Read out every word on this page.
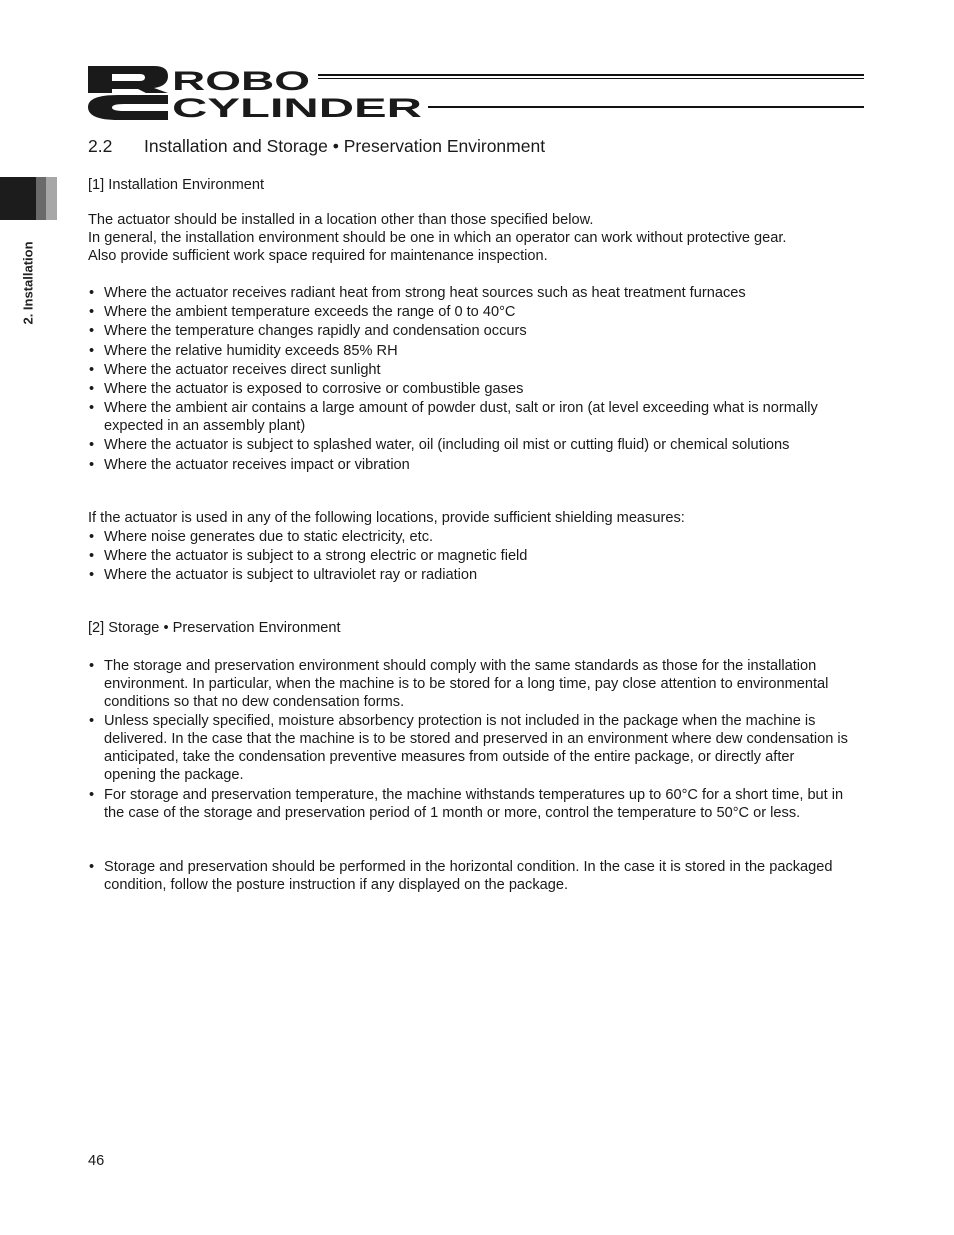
ROBO
CYLINDER
2. Installation
2.2 Installation and Storage • Preservation Environment
[1] Installation Environment
The actuator should be installed in a location other than those specified below.
In general, the installation environment should be one in which an operator can work without protective gear.
Also provide sufficient work space required for maintenance inspection.
• Where the actuator receives radiant heat from strong heat sources such as heat treatment furnaces
• Where the ambient temperature exceeds the range of 0 to 40°C
• Where the temperature changes rapidly and condensation occurs
• Where the relative humidity exceeds 85% RH
• Where the actuator receives direct sunlight
• Where the actuator is exposed to corrosive or combustible gases
• Where the ambient air contains a large amount of powder dust, salt or iron (at level exceeding what is normally expected in an assembly plant)
• Where the actuator is subject to splashed water, oil (including oil mist or cutting fluid) or chemical solutions
• Where the actuator receives impact or vibration
If the actuator is used in any of the following locations, provide sufficient shielding measures:
• Where noise generates due to static electricity, etc.
• Where the actuator is subject to a strong electric or magnetic field
• Where the actuator is subject to ultraviolet ray or radiation
[2] Storage • Preservation Environment
• The storage and preservation environment should comply with the same standards as those for the installation environment. In particular, when the machine is to be stored for a long time, pay close attention to environmental conditions so that no dew condensation forms.
• Unless specially specified, moisture absorbency protection is not included in the package when the machine is delivered. In the case that the machine is to be stored and preserved in an environment where dew condensation is anticipated, take the condensation preventive measures from outside of the entire package, or directly after opening the package.
• For storage and preservation temperature, the machine withstands temperatures up to 60°C for a short time, but in the case of the storage and preservation period of 1 month or more, control the temperature to 50°C or less.
• Storage and preservation should be performed in the horizontal condition. In the case it is stored in the packaged condition, follow the posture instruction if any displayed on the package.
46
